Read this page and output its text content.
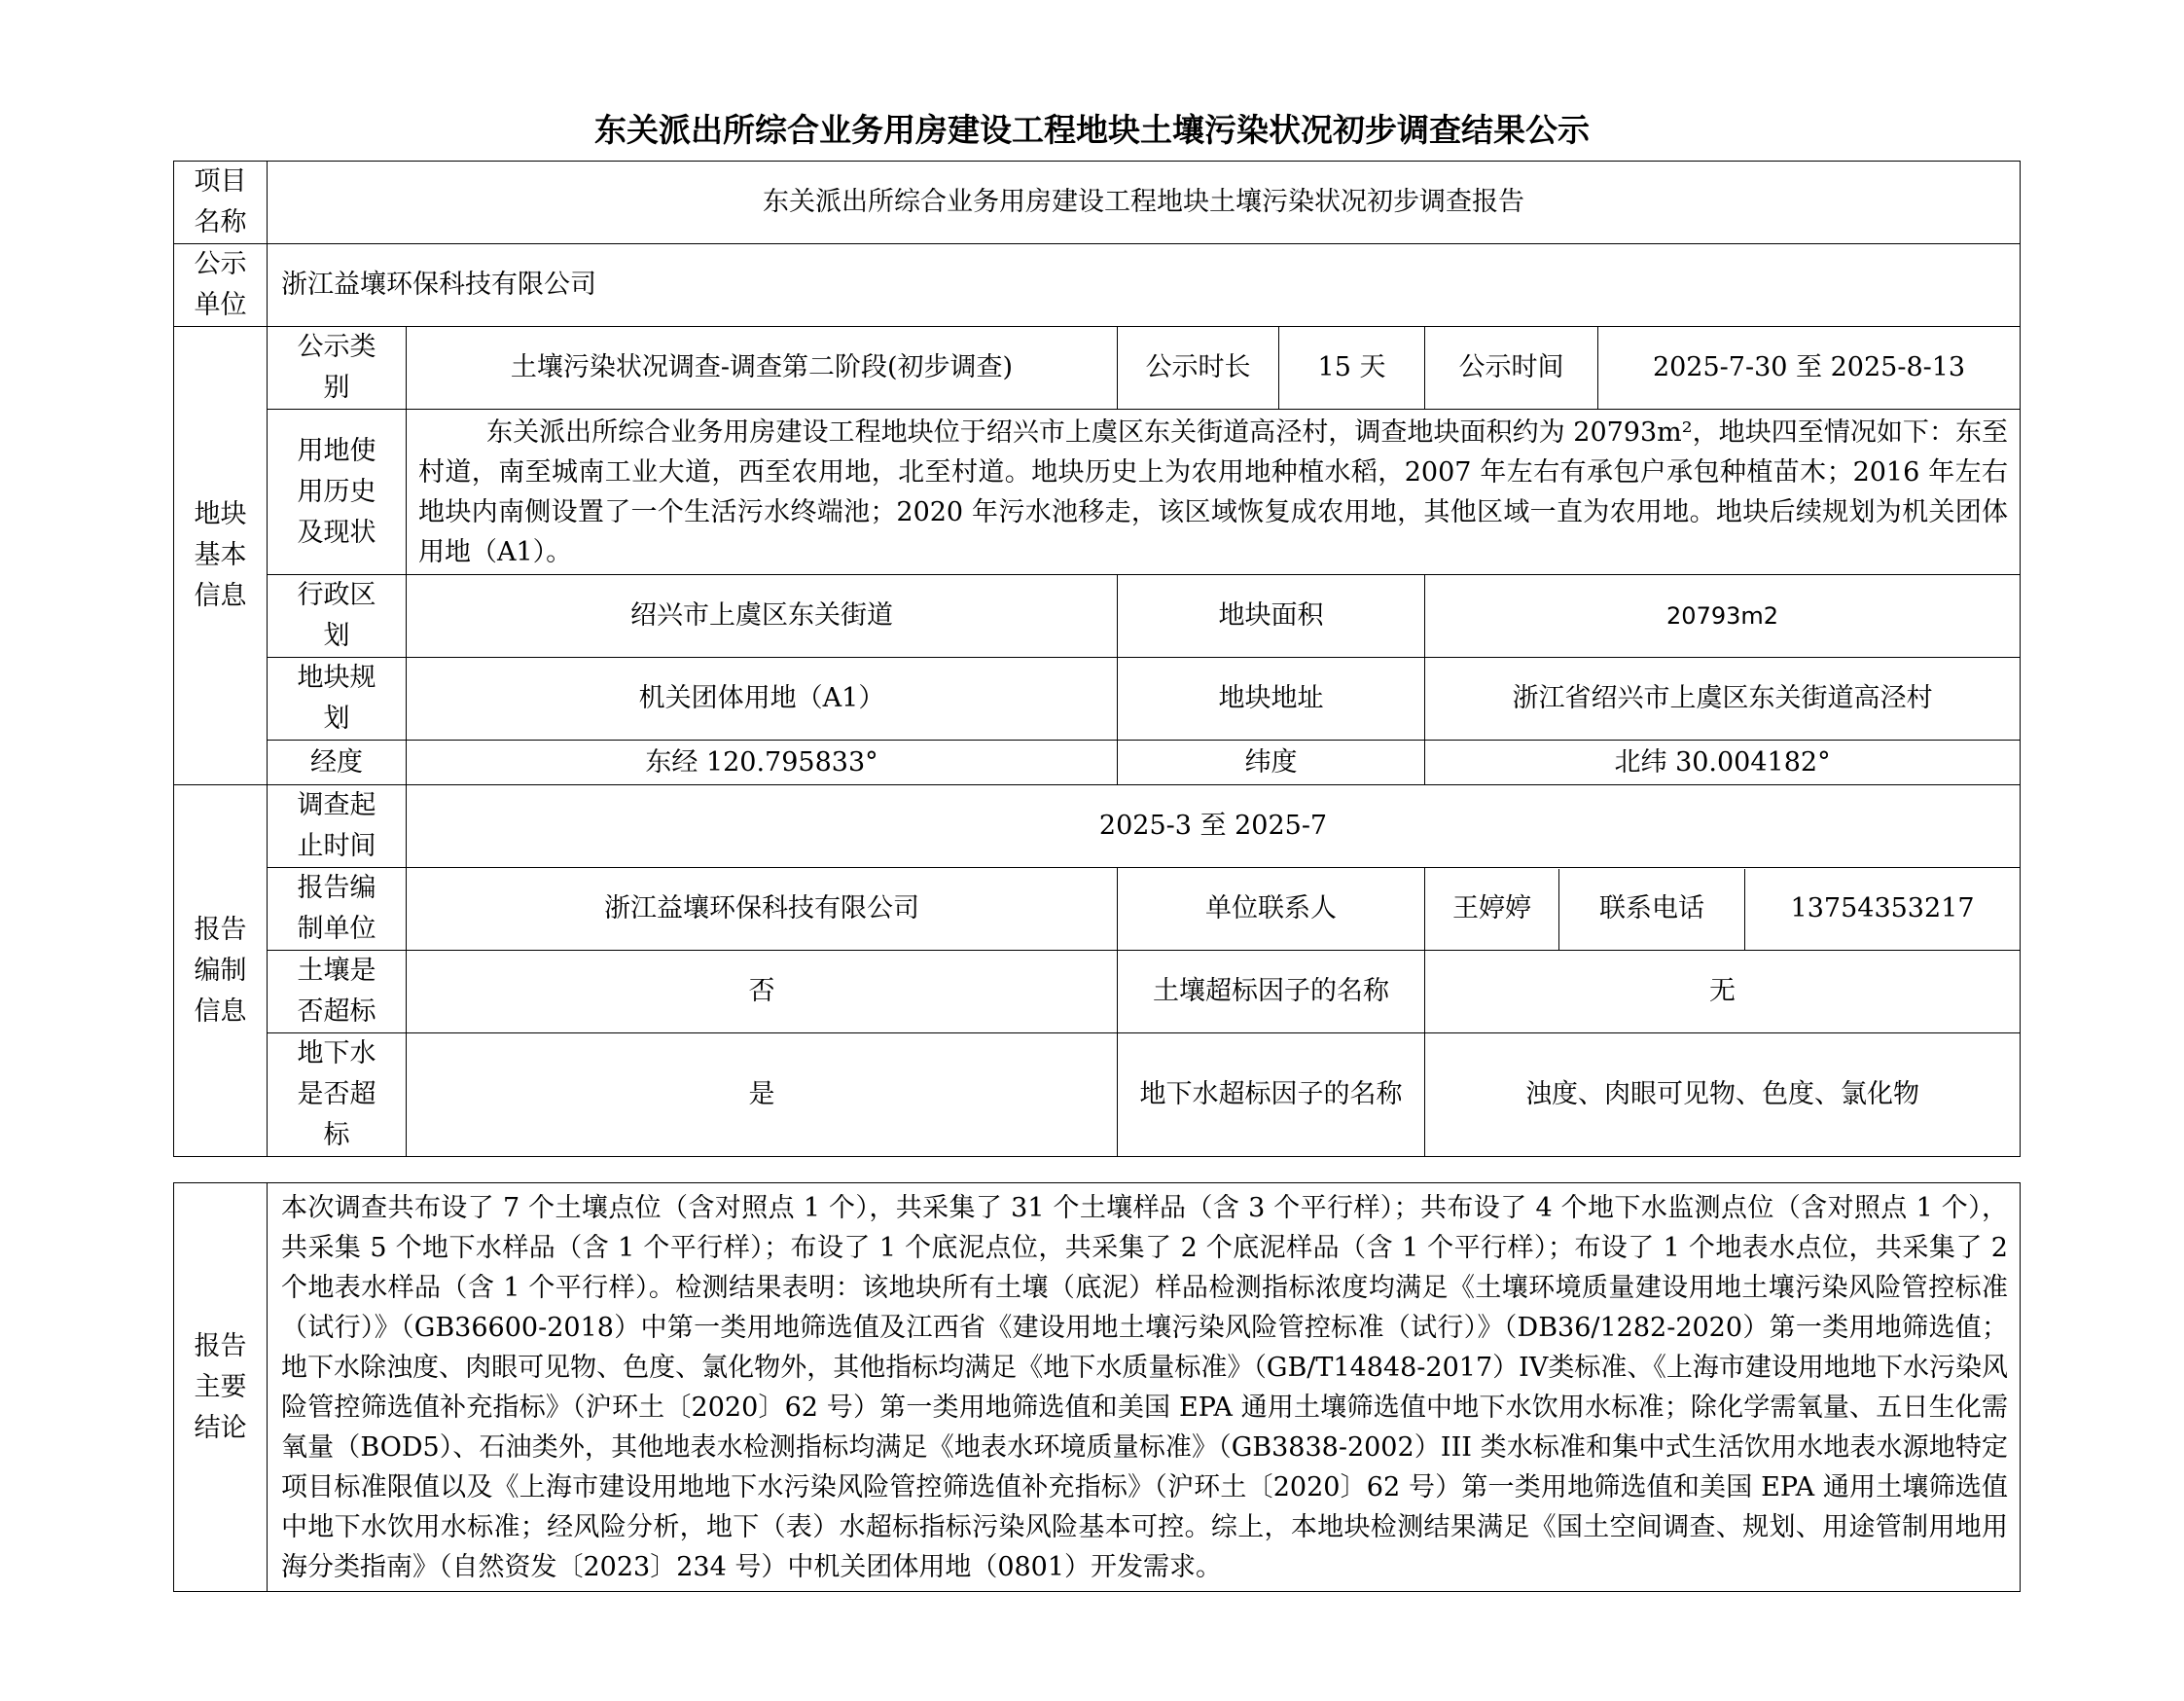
东关派出所综合业务用房建设工程地块土壤污染状况初步调查结果公示
项目名称	东关派出所综合业务用房建设工程地块土壤污染状况初步调查报告					
公示单位	浙江益壤环保科技有限公司					
地块基本信息	公示类别	土壤污染状况调查-调查第二阶段(初步调查)	公示时长	15 天	公示时间	2025-7-30 至 2025-8-13
	用地使用历史及现状	东关派出所综合业务用房建设工程地块位于绍兴市上虞区东关街道高泾村，调查地块面积约为 20793m²，地块四至情况如下：东至村道，南至城南工业大道，西至农用地，北至村道。地块历史上为农用地种植水稻，2007 年左右有承包户承包种植苗木；2016 年左右地块内南侧设置了一个生活污水终端池；2020 年污水池移走，该区域恢复成农用地，其他区域一直为农用地。地块后续规划为机关团体用地（A1）。				
	行政区划	绍兴市上虞区东关街道	地块面积		20793m2	
	地块规划	机关团体用地（A1）	地块地址		浙江省绍兴市上虞区东关街道高泾村	
	经度	东经 120.795833°	纬度		北纬 30.004182°	
报告编制信息	调查起止时间	2025-3 至 2025-7				
	报告编制单位	浙江益壤环保科技有限公司	单位联系人		王婷婷 联系电话 13754353217	

	土壤是否超标	否	土壤超标因子的名称		无	
	地下水是否超标	是	地下水超标因子的名称		浊度、肉眼可见物、色度、氯化物	
报告主要结论	本次调查共布设了 7 个土壤点位（含对照点 1 个），共采集了 31 个土壤样品（含 3 个平行样）；共布设了 4 个地下水监测点位（含对照点 1 个），共采集 5 个地下水样品（含 1 个平行样）；布设了 1 个底泥点位，共采集了 2 个底泥样品（含 1 个平行样）；布设了 1 个地表水点位，共采集了 2 个地表水样品（含 1 个平行样）。检测结果表明：该地块所有土壤（底泥）样品检测指标浓度均满足《土壤环境质量建设用地土壤污染风险管控标准（试行）》（GB36600-2018）中第一类用地筛选值及江西省《建设用地土壤污染风险管控标准（试行）》（DB36/1282-2020）第一类用地筛选值；地下水除浊度、肉眼可见物、色度、氯化物外，其他指标均满足《地下水质量标准》（GB/T14848-2017）IV类标准、《上海市建设用地地下水污染风险管控筛选值补充指标》（沪环土〔2020〕62 号）第一类用地筛选值和美国 EPA 通用土壤筛选值中地下水饮用水标准；除化学需氧量、五日生化需氧量（BOD5）、石油类外，其他地表水检测指标均满足《地表水环境质量标准》（GB3838-2002）III 类水标准和集中式生活饮用水地表水源地特定项目标准限值以及《上海市建设用地地下水污染风险管控筛选值补充指标》（沪环土〔2020〕62 号）第一类用地筛选值和美国 EPA 通用土壤筛选值中地下水饮用水标准；经风险分析，地下（表）水超标指标污染风险基本可控。综上，本地块检测结果满足《国土空间调查、规划、用途管制用地用海分类指南》（自然资发〔2023〕234 号）中机关团体用地（0801）开发需求。
